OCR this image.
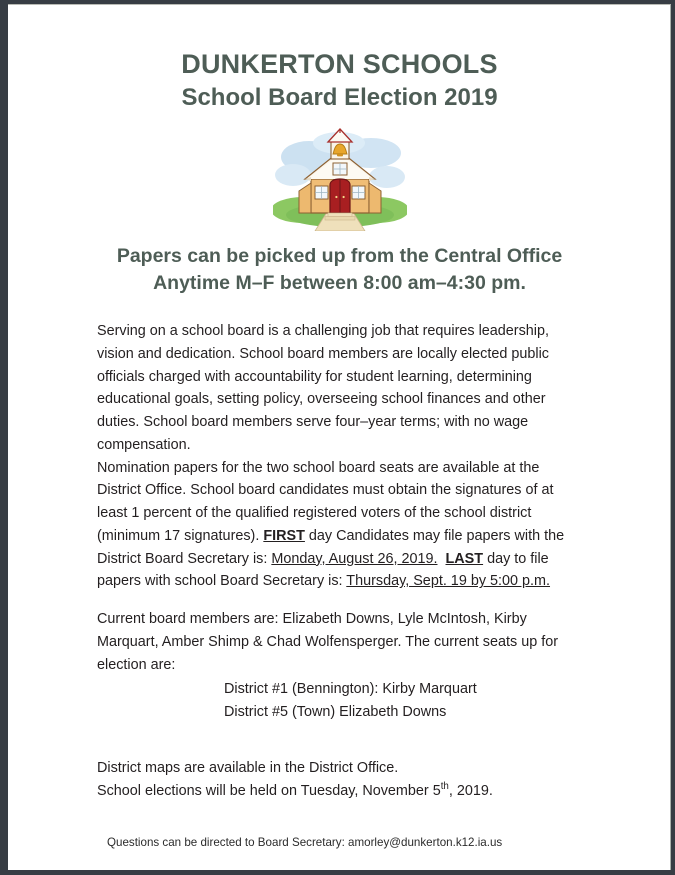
DUNKERTON SCHOOLS
School Board Election 2019
Papers can be picked up from the Central Office
Anytime M–F between 8:00 am–4:30 pm.

Serving on a school board is a challenging job that requires leadership, vision and dedication. School board members are locally elected public officials charged with accountability for student learning, determining educational goals, setting policy, overseeing school finances and other duties. School board members serve four–year terms; with no wage compensation.

Nomination papers for the two school board seats are available at the District Office. School board candidates must obtain the signatures of at least 1 percent of the qualified registered voters of the school district (minimum 17 signatures). FIRST day Candidates may file papers with the District Board Secretary is: Monday, August 26, 2019. LAST day to file papers with school Board Secretary is: Thursday, Sept. 19 by 5:00 p.m.

Current board members are: Elizabeth Downs, Lyle McIntosh, Kirby Marquart, Amber Shimp & Chad Wolfensperger. The current seats up for election are:

District #1 (Bennington): Kirby Marquart
District #5 (Town) Elizabeth Downs

District maps are available in the District Office.

School elections will be held on Tuesday, November 5th, 2019.

Questions can be directed to Board Secretary: amorley@dunkerton.k12.ia.us
